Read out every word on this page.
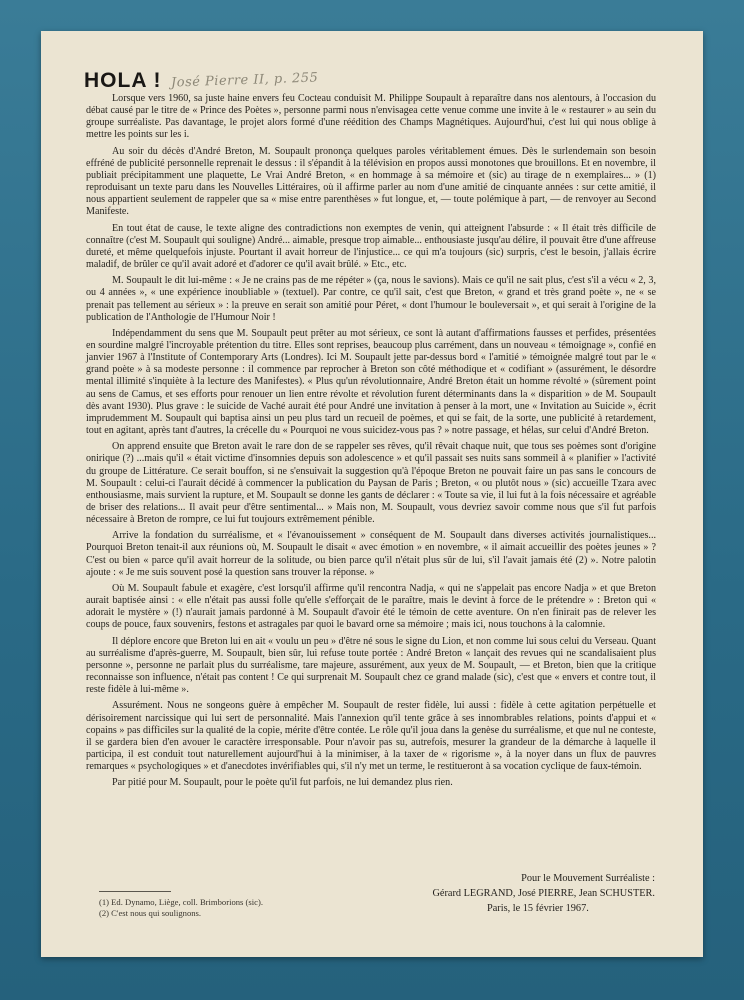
José Pierre II, p. 255
HOLA !

Lorsque vers 1960, sa juste haine envers feu Cocteau conduisit M. Philippe Soupault à reparaître dans nos alentours, à l'occasion du débat causé par le titre de « Prince des Poètes », personne parmi nous n'envisagea cette venue comme une invite à le « restaurer » au sein du groupe surréaliste. Pas davantage, le projet alors formé d'une réédition des Champs Magnétiques. Aujourd'hui, c'est lui qui nous oblige à mettre les points sur les i.

Au soir du décès d'André Breton, M. Soupault prononça quelques paroles véritablement émues. Dès le surlendemain son besoin effréné de publicité personnelle reprenait le dessus : il s'épandit à la télévision en propos aussi monotones que brouillons. Et en novembre, il publiait précipitamment une plaquette, Le Vrai André Breton, « en hommage à sa mémoire et (sic) au tirage de n exemplaires... » (1) reproduisant un texte paru dans les Nouvelles Littéraires, où il affirme parler au nom d'une amitié de cinquante années : sur cette amitié, il nous appartient seulement de rappeler que sa « mise entre parenthèses » fut longue, et, — toute polémique à part, — de renvoyer au Second Manifeste.

En tout état de cause, le texte aligne des contradictions non exemptes de venin, qui atteignent l'absurde : « Il était très difficile de connaître (c'est M. Soupault qui souligne) André... aimable, presque trop aimable... enthousiaste jusqu'au délire, il pouvait être d'une affreuse dureté, et même quelquefois injuste. Pourtant il avait horreur de l'injustice... ce qui m'a toujours (sic) surpris, c'est le besoin, j'allais écrire maladif, de brûler ce qu'il avait adoré et d'adorer ce qu'il avait brûlé. » Etc., etc.

M. Soupault le dit lui-même : « Je ne crains pas de me répéter » (ça, nous le savions). Mais ce qu'il ne sait plus, c'est s'il a vécu « 2, 3, ou 4 années », « une expérience inoubliable » (textuel). Par contre, ce qu'il sait, c'est que Breton, « grand et très grand poète », ne « se prenait pas tellement au sérieux » : la preuve en serait son amitié pour Péret, « dont l'humour le bouleversait », et qui serait à l'origine de la publication de l'Anthologie de l'Humour Noir !

Indépendamment du sens que M. Soupault peut prêter au mot sérieux, ce sont là autant d'affirmations fausses et perfides, présentées en sourdine malgré l'incroyable prétention du titre. Elles sont reprises, beaucoup plus carrément, dans un nouveau « témoignage », confié en janvier 1967 à l'Institute of Contemporary Arts (Londres). Ici M. Soupault jette par-dessus bord « l'amitié » témoignée malgré tout par le « grand poète » à sa modeste personne : il commence par reprocher à Breton son côté méthodique et « codifiant » (assurément, le désordre mental illimité s'inquiète à la lecture des Manifestes). « Plus qu'un révolutionnaire, André Breton était un homme révolté » (sûrement point au sens de Camus, et ses efforts pour renouer un lien entre révolte et révolution furent déterminants dans la « disparition » de M. Soupault dès avant 1930). Plus grave : le suicide de Vaché aurait été pour André une invitation à penser à la mort, une « Invitation au Suicide », écrit imprudemment M. Soupault qui baptisa ainsi un peu plus tard un recueil de poèmes, et qui se fait, de la sorte, une publicité à retardement, tout en agitant, après tant d'autres, la crécelle du « Pourquoi ne vous suicidez-vous pas ? » notre passage, et hélas, sur celui d'André Breton.

On apprend ensuite que Breton avait le rare don de se rappeler ses rêves, qu'il rêvait chaque nuit, que tous ses poèmes sont d'origine onirique (?) ...mais qu'il « était victime d'insomnies depuis son adolescence » et qu'il passait ses nuits sans sommeil à « planifier » l'activité du groupe de Littérature. Ce serait bouffon, si ne s'ensuivait la suggestion qu'à l'époque Breton ne pouvait faire un pas sans le concours de M. Soupault : celui-ci l'aurait décidé à commencer la publication du Paysan de Paris ; Breton, « ou plutôt nous » (sic) accueille Tzara avec enthousiasme, mais survient la rupture, et M. Soupault se donne les gants de déclarer : « Toute sa vie, il lui fut à la fois nécessaire et agréable de briser des relations... Il avait peur d'être sentimental... » Mais non, M. Soupault, vous devriez savoir comme nous que s'il fut parfois nécessaire à Breton de rompre, ce lui fut toujours extrêmement pénible.

Arrive la fondation du surréalisme, et « l'évanouissement » conséquent de M. Soupault dans diverses activités journalistiques... Pourquoi Breton tenait-il aux réunions où, M. Soupault le disait « avec émotion » en novembre, « il aimait accueillir des poètes jeunes » ? C'est ou bien « parce qu'il avait horreur de la solitude, ou bien parce qu'il n'était plus sûr de lui, s'il l'avait jamais été (2) ». Notre palotin ajoute : « Je me suis souvent posé la question sans trouver la réponse. »

Où M. Soupault fabule et exagère, c'est lorsqu'il affirme qu'il rencontra Nadja, « qui ne s'appelait pas encore Nadja » et que Breton aurait baptisée ainsi : « elle n'était pas aussi folle qu'elle s'efforçait de le paraître, mais le devint à force de le prétendre » : Breton qui « adorait le mystère » (!) n'aurait jamais pardonné à M. Soupault d'avoir été le témoin de cette aventure. On n'en finirait pas de relever les coups de pouce, faux souvenirs, festons et astragales par quoi le bavard orne sa mémoire ; mais ici, nous touchons à la calomnie.

Il déplore encore que Breton lui en ait « voulu un peu » d'être né sous le signe du Lion, et non comme lui sous celui du Verseau. Quant au surréalisme d'après-guerre, M. Soupault, bien sûr, lui refuse toute portée : André Breton « lançait des revues qui ne scandalisaient plus personne », personne ne parlait plus du surréalisme, tare majeure, assurément, aux yeux de M. Soupault, — et Breton, bien que la critique reconnaisse son influence, n'était pas content ! Ce qui surprenait M. Soupault chez ce grand malade (sic), c'est que « envers et contre tout, il reste fidèle à lui-même ».

Assurément. Nous ne songeons guère à empêcher M. Soupault de rester fidèle, lui aussi : fidèle à cette agitation perpétuelle et dérisoirement narcissique qui lui sert de personnalité. Mais l'annexion qu'il tente grâce à ses innombrables relations, points d'appui et « copains » pas difficiles sur la qualité de la copie, mérite d'être contée. Le rôle qu'il joua dans la genèse du surréalisme, et que nul ne conteste, il se gardera bien d'en avouer le caractère irresponsable. Pour n'avoir pas su, autrefois, mesurer la grandeur de la démarche à laquelle il participa, il est conduit tout naturellement aujourd'hui à la minimiser, à la taxer de « rigorisme », à la noyer dans un flux de pauvres remarques « psychologiques » et d'anecdotes invérifiables qui, s'il n'y met un terme, le restitueront à sa vocation cyclique de faux-témoin.

Par pitié pour M. Soupault, pour le poète qu'il fut parfois, ne lui demandez plus rien.

Pour le Mouvement Surréaliste :
Gérard LEGRAND, José PIERRE, Jean SCHUSTER.
(1) Ed. Dynamo, Liège, coll. Brimborions (sic).
(2) C'est nous qui soulignons.	Paris, le 15 février 1967.
